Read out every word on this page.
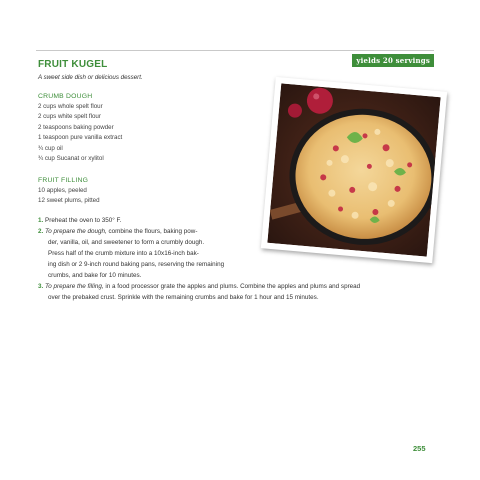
yields 20 servings
FRUIT KUGEL
A sweet side dish or delicious dessert.
CRUMB DOUGH
2 cups whole spelt flour
2 cups white spelt flour
2 teaspoons baking powder
1 teaspoon pure vanilla extract
¾ cup oil
¾ cup Sucanat or xylitol
FRUIT FILLING
10 apples, peeled
12 sweet plums, pitted
1. Preheat the oven to 350° F.
2. To prepare the dough, combine the flours, baking pow-
der, vanilla, oil, and sweetener to form a crumbly dough.
Press half of the crumb mixture into a 10x16-inch bak-
ing dish or 2 9-inch round baking pans, reserving the remaining
crumbs, and bake for 10 minutes.
3. To prepare the filling, in a food processor grate the apples and plums. Combine the apples and plums and spread
over the prebaked crust. Sprinkle with the remaining crumbs and bake for 1 hour and 15 minutes.
255
